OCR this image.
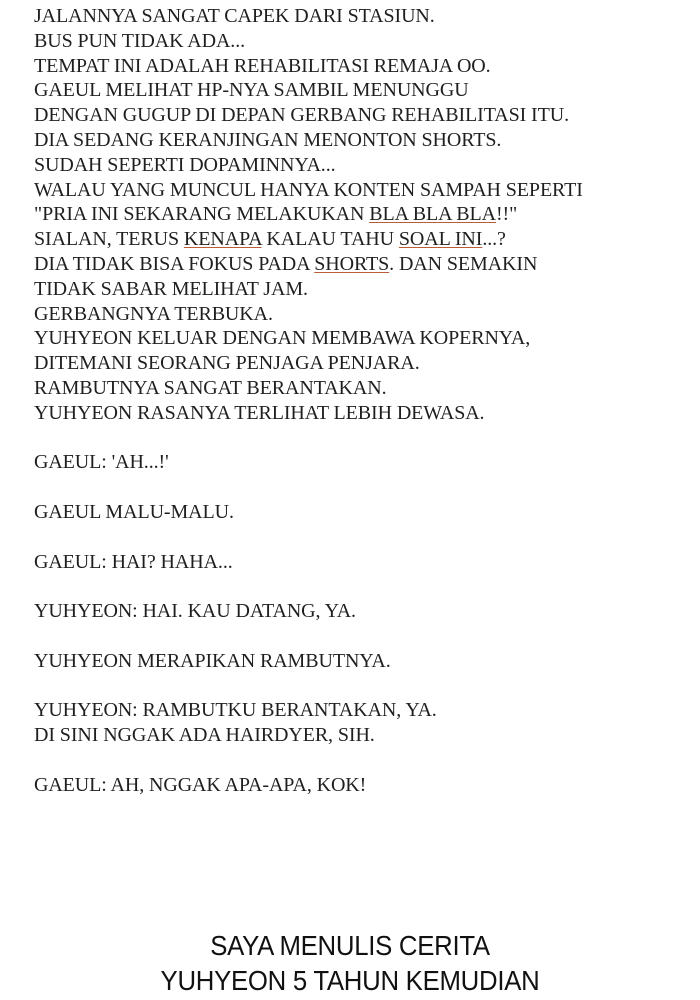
JALANNYA SANGAT CAPEK DARI STASIUN.
BUS PUN TIDAK ADA...
TEMPAT INI ADALAH REHABILITASI REMAJA OO.
GAEUL MELIHAT HP-NYA SAMBIL MENUNGGU
DENGAN GUGUP DI DEPAN GERBANG REHABILITASI ITU.
DIA SEDANG KERANJINGAN MENONTON SHORTS.
SUDAH SEPERTI DOPAMINNYA...
WALAU YANG MUNCUL HANYA KONTEN SAMPAH SEPERTI
"PRIA INI SEKARANG MELAKUKAN BLA BLA BLA!!"
SIALAN, TERUS KENAPA KALAU TAHU SOAL INI...?
DIA TIDAK BISA FOKUS PADA SHORTS. DAN SEMAKIN
TIDAK SABAR MELIHAT JAM.
GERBANGNYA TERBUKA.
YUHYEON KELUAR DENGAN MEMBAWA KOPERNYA,
DITEMANI SEORANG PENJAGA PENJARA.
RAMBUTNYA SANGAT BERANTAKAN.
YUHYEON RASANYA TERLIHAT LEBIH DEWASA.
GAEUL: 'AH...!'
GAEUL MALU-MALU.
GAEUL: HAI? HAHA...
YUHYEON: HAI. KAU DATANG, YA.
YUHYEON MERAPIKAN RAMBUTNYA.
YUHYEON: RAMBUTKU BERANTAKAN, YA.
DI SINI NGGAK ADA HAIRDYER, SIH.
GAEUL: AH, NGGAK APA-APA, KOK!
SAYA MENULIS CERITA
YUHYEON 5 TAHUN KEMUDIAN
